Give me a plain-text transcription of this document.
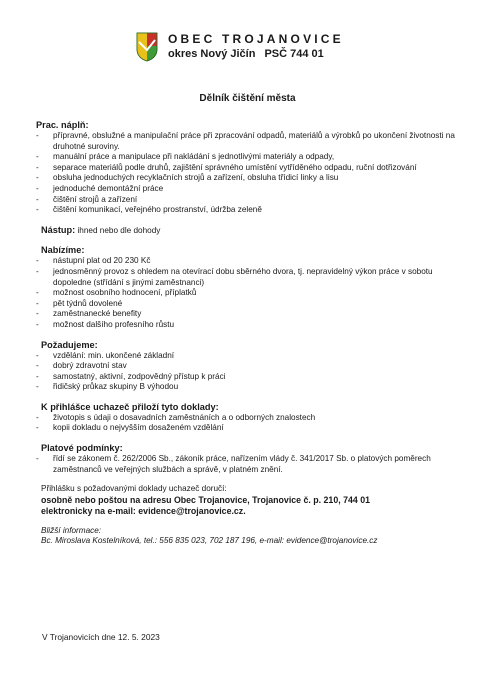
OBEC TROJANOVICE
okres Nový Jičín PSČ 744 01
Dělník čištění města
Prac. náplň:
- přípravné, obslužné a manipulační práce při zpracování odpadů, materiálů a výrobků po ukončení životnosti na druhotné suroviny.
- manuální práce a manipulace při nakládání s jednotlivými materiály a odpady,
- separace materiálů podle druhů, zajištění správného umístění vytříděného odpadu, ruční dotřizování
- obsluha jednoduchých recyklačních strojů a zařízení, obsluha třídicí linky a lisu
- jednoduché demontážní práce
- čištění strojů a zařízení
- čištění komunikací, veřejného prostranství, údržba zeleně
Nástup: ihned nebo dle dohody
Nabízíme:
- nástupní plat od 20 230 Kč
- jednosměnný provoz s ohledem na otevírací dobu sběrného dvora, tj. nepravidelný výkon práce v sobotu dopoledne (střídání s jinými zaměstnanci)
- možnost osobního hodnocení, příplatků
- pět týdnů dovolené
- zaměstnanecké benefity
- možnost dalšího profesního růstu
Požadujeme:
- vzdělání: min. ukončené základní
- dobrý zdravotní stav
- samostatný, aktivní, zodpovědný přístup k práci
- řidičský průkaz skupiny B výhodou
K přihlášce uchazeč přiloží tyto doklady:
- životopis s údaji o dosavadních zaměstnáních a o odborných znalostech
- kopii dokladu o nejvyšším dosaženém vzdělání
Platové podmínky:
- řídí se zákonem č. 262/2006 Sb., zákoník práce, nařízením vlády č. 341/2017 Sb. o platových poměrech zaměstnanců ve veřejných službách a správě, v platném znění.
Přihlášku s požadovanými doklady uchazeč doručí:
osobně nebo poštou na adresu Obec Trojanovice, Trojanovice č. p. 210, 744 01
elektronicky na e-mail: evidence@trojanovice.cz.
Bližší informace:
Bc. Miroslava Kostelníková, tel.: 556 835 023, 702 187 196, e-mail: evidence@trojanovice.cz
V Trojanovicích dne 12. 5. 2023
